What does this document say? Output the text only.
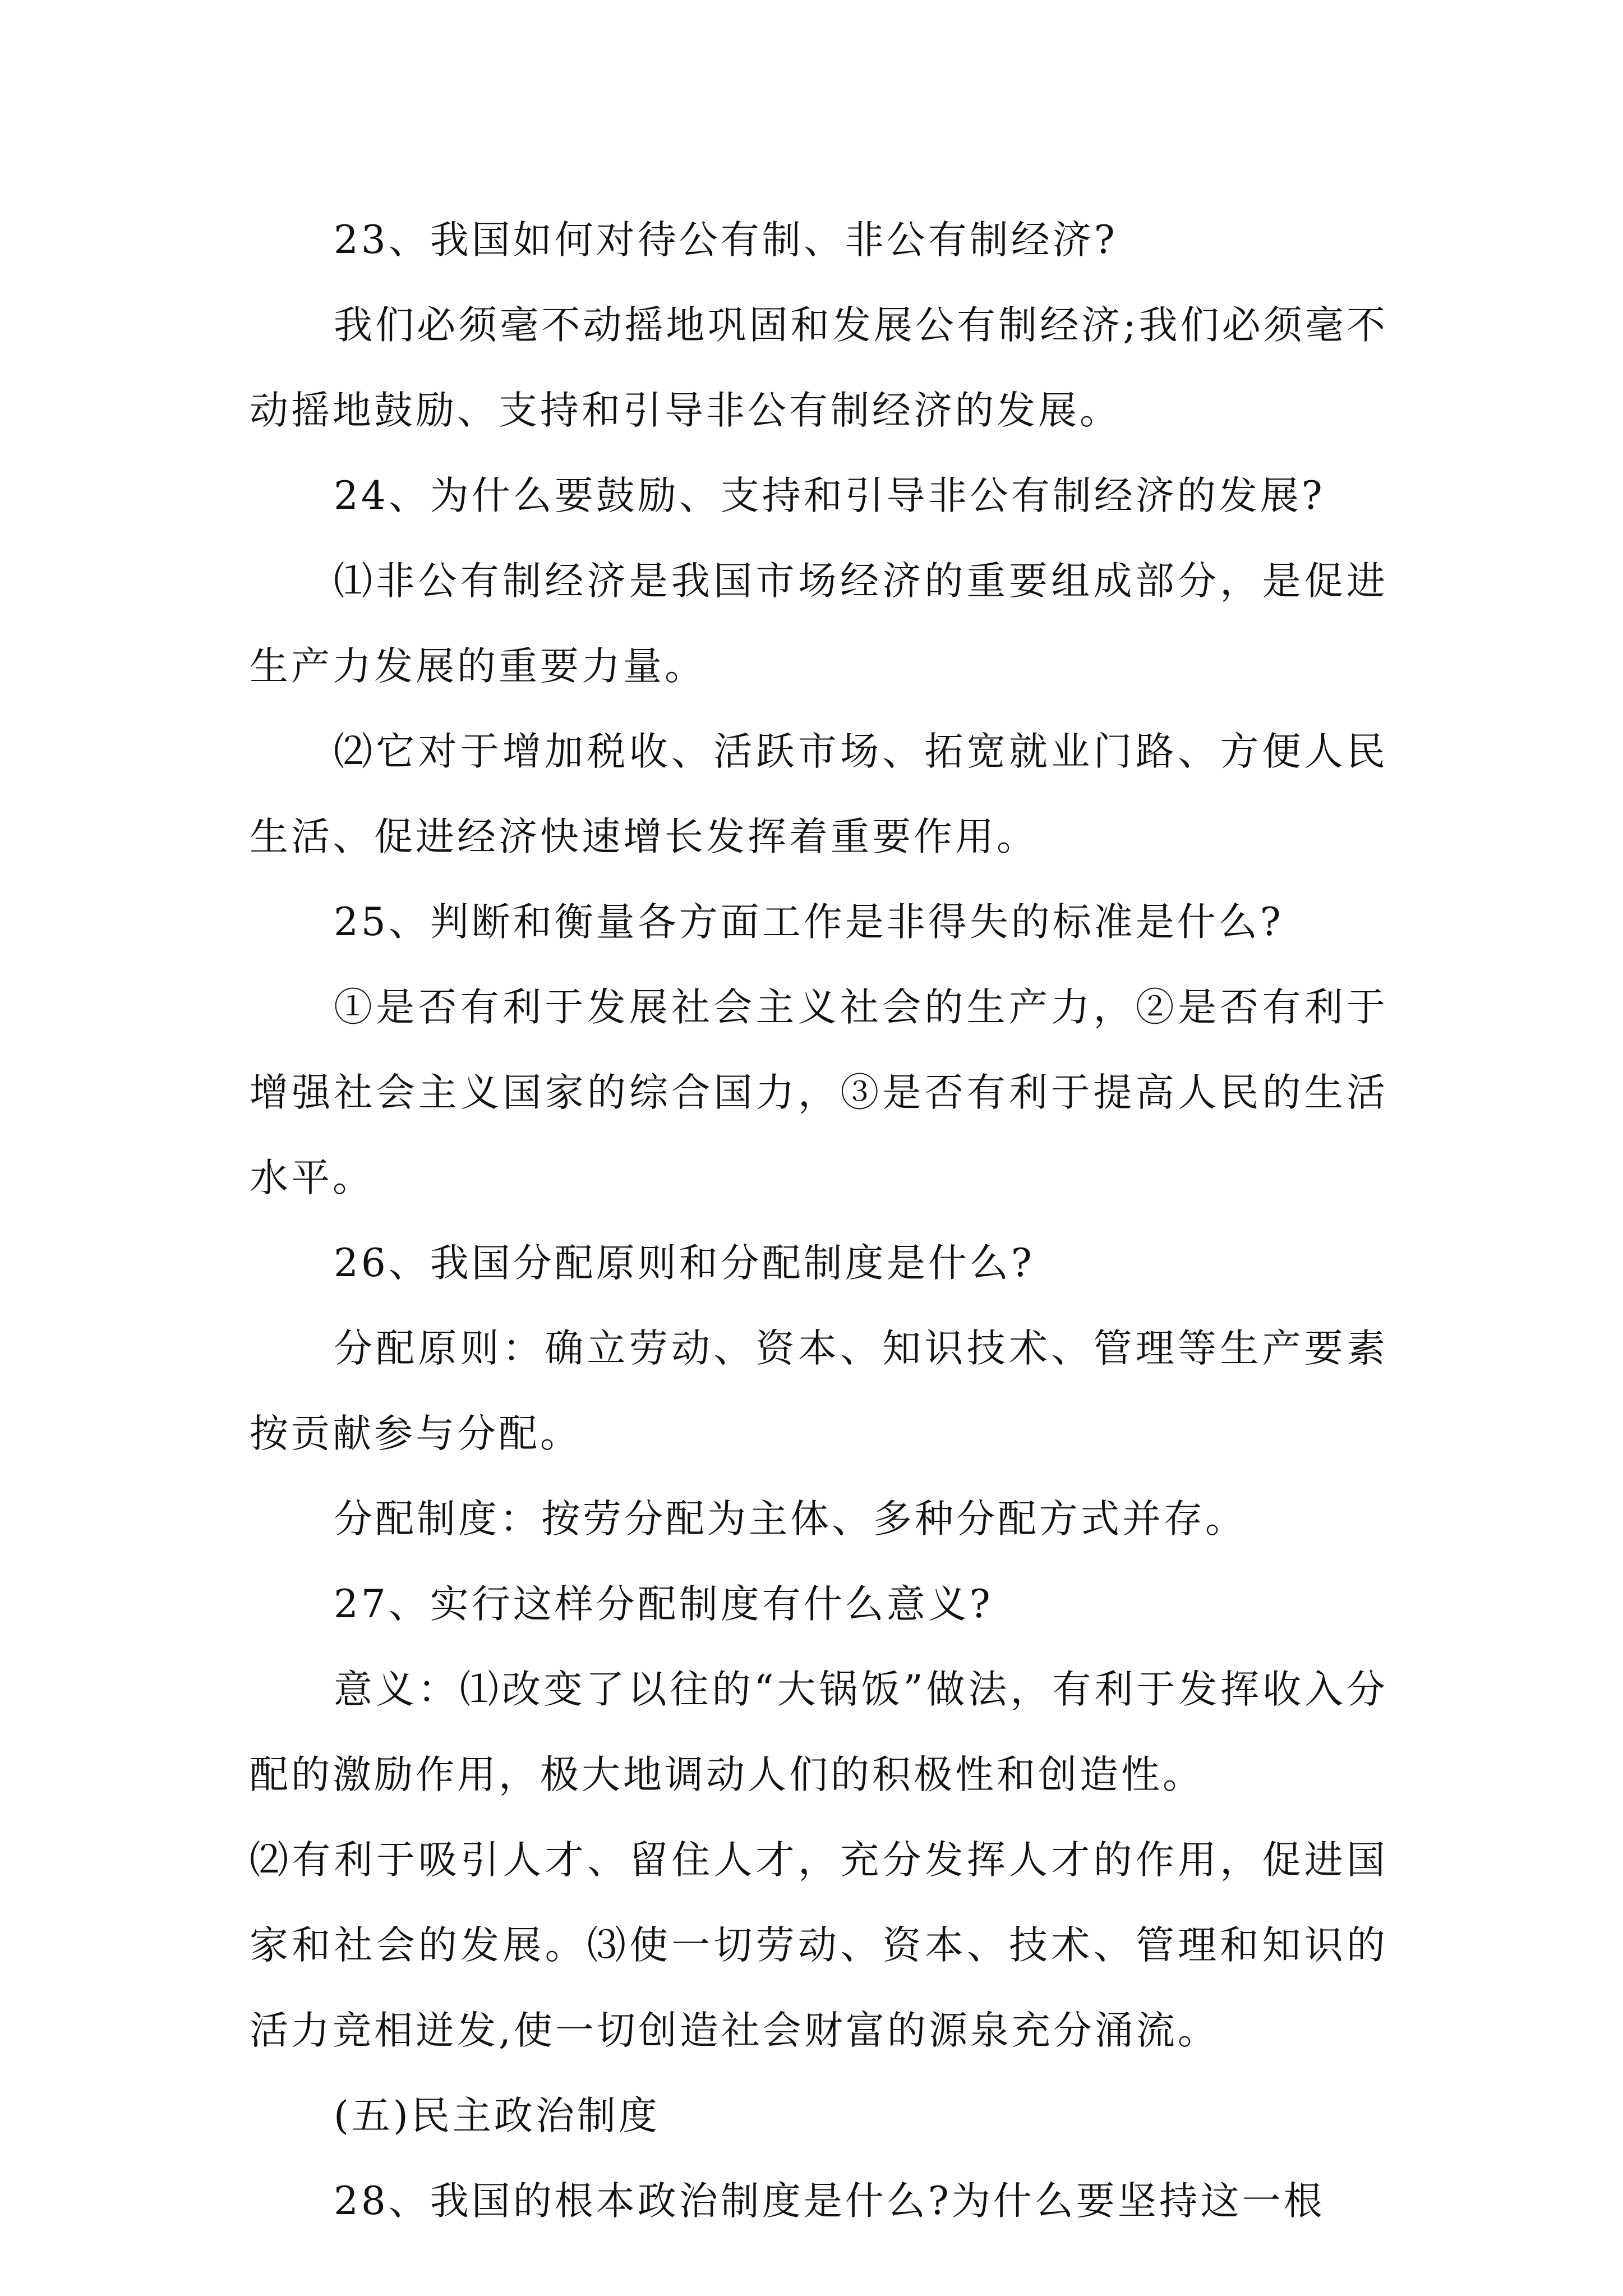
23、我国如何对待公有制、非公有制经济?

我们必须毫不动摇地巩固和发展公有制经济;我们必须毫不动摇地鼓励、支持和引导非公有制经济的发展。

24、为什么要鼓励、支持和引导非公有制经济的发展?

⑴非公有制经济是我国市场经济的重要组成部分，是促进生产力发展的重要力量。

⑵它对于增加税收、活跃市场、拓宽就业门路、方便人民生活、促进经济快速增长发挥着重要作用。

25、判断和衡量各方面工作是非得失的标准是什么?

①是否有利于发展社会主义社会的生产力，②是否有利于增强社会主义国家的综合国力，③是否有利于提高人民的生活水平。

26、我国分配原则和分配制度是什么?

分配原则：确立劳动、资本、知识技术、管理等生产要素按贡献参与分配。

分配制度：按劳分配为主体、多种分配方式并存。

27、实行这样分配制度有什么意义?

意义：⑴改变了以往的“大锅饭”做法，有利于发挥收入分配的激励作用，极大地调动人们的积极性和创造性。

⑵有利于吸引人才、留住人才，充分发挥人才的作用，促进国家和社会的发展。⑶使一切劳动、资本、技术、管理和知识的活力竞相迸发,使一切创造社会财富的源泉充分涌流。

(五)民主政治制度

28、我国的根本政治制度是什么?为什么要坚持这一根
